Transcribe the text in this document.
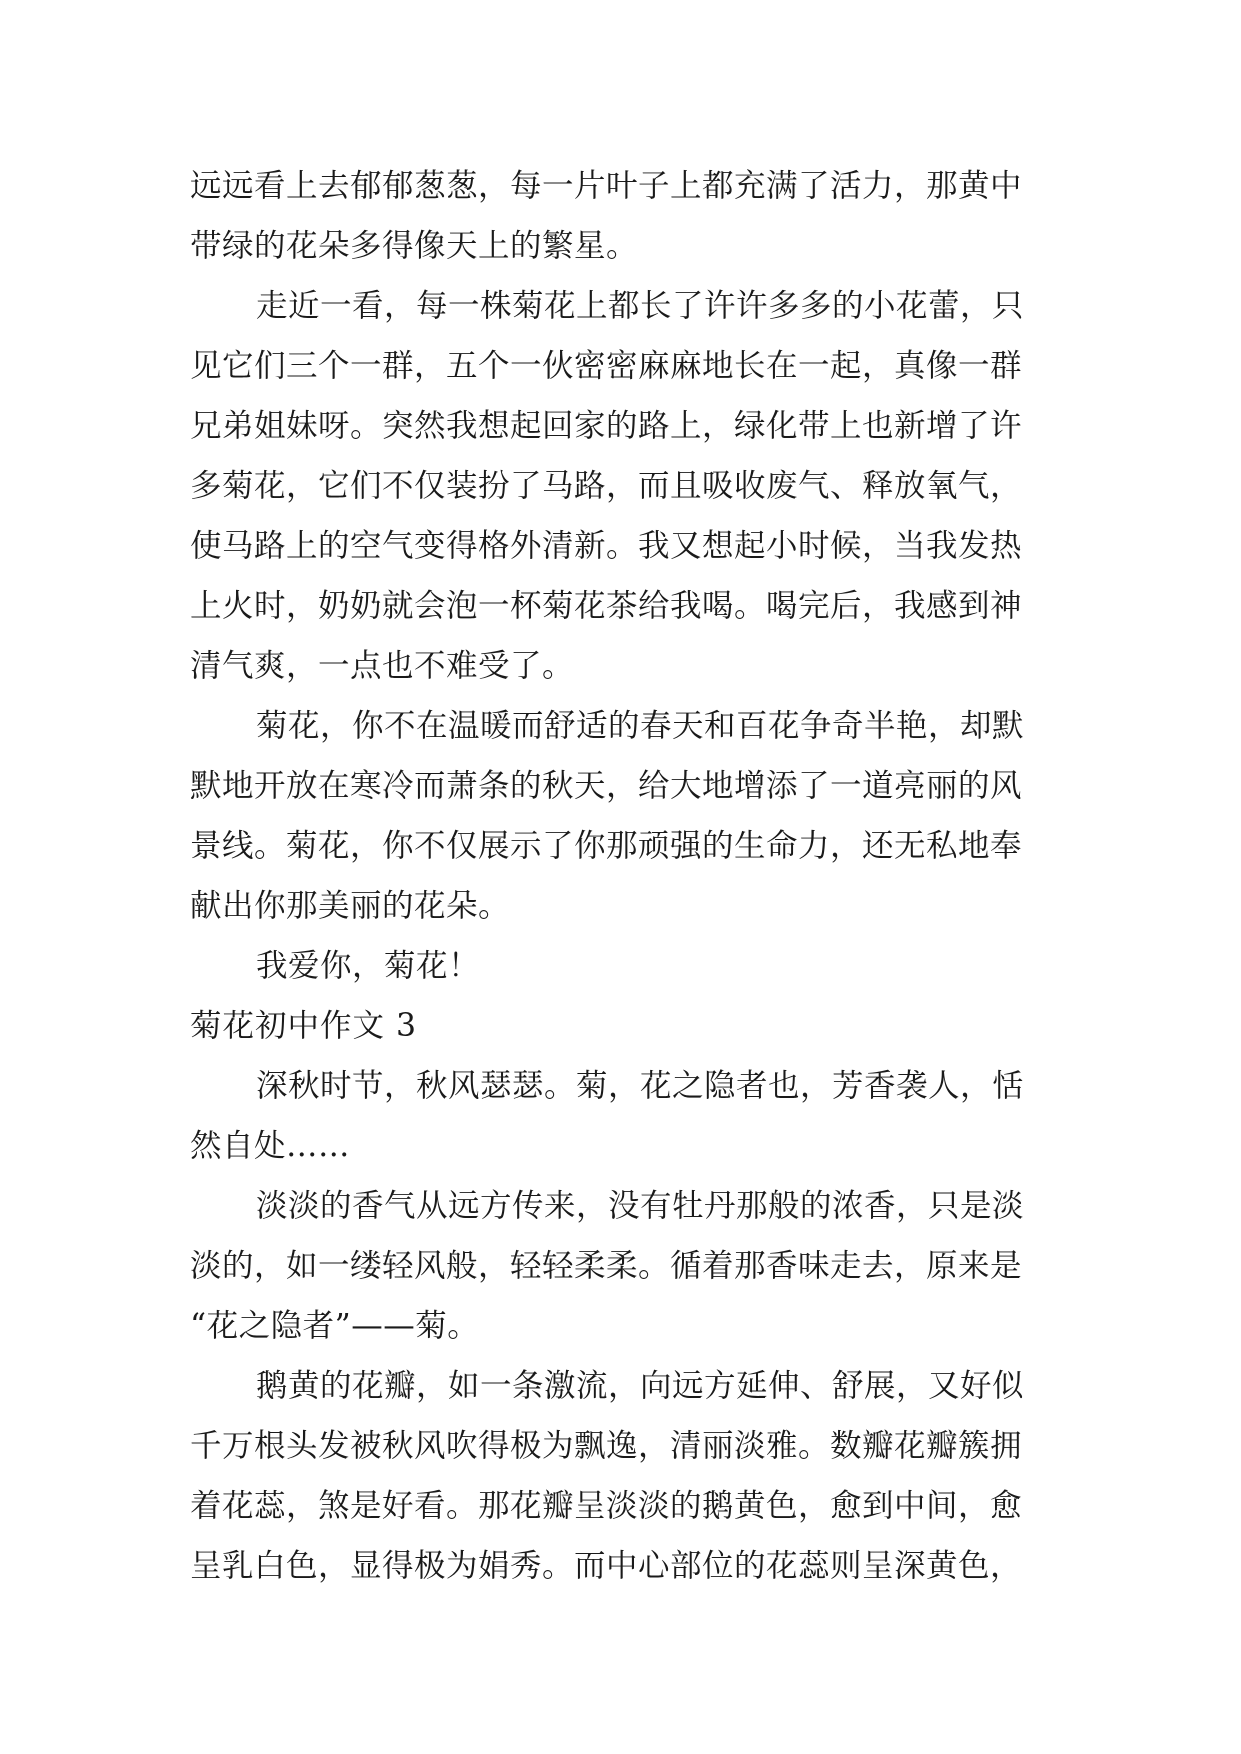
远远看上去郁郁葱葱，每一片叶子上都充满了活力，那黄中
带绿的花朵多得像天上的繁星。
走近一看，每一株菊花上都长了许许多多的小花蕾，只
见它们三个一群，五个一伙密密麻麻地长在一起，真像一群
兄弟姐妹呀。突然我想起回家的路上，绿化带上也新增了许
多菊花，它们不仅装扮了马路，而且吸收废气、释放氧气，
使马路上的空气变得格外清新。我又想起小时候，当我发热
上火时，奶奶就会泡一杯菊花茶给我喝。喝完后，我感到神
清气爽，一点也不难受了。
菊花，你不在温暖而舒适的春天和百花争奇半艳，却默
默地开放在寒冷而萧条的秋天，给大地增添了一道亮丽的风
景线。菊花，你不仅展示了你那顽强的生命力，还无私地奉
献出你那美丽的花朵。
我爱你，菊花！
菊花初中作文 3
深秋时节，秋风瑟瑟。菊，花之隐者也，芳香袭人，恬
然自处……
淡淡的香气从远方传来，没有牡丹那般的浓香，只是淡
淡的，如一缕轻风般，轻轻柔柔。循着那香味走去，原来是
“花之隐者”——菊。
鹅黄的花瓣，如一条激流，向远方延伸、舒展，又好似
千万根头发被秋风吹得极为飘逸，清丽淡雅。数瓣花瓣簇拥
着花蕊，煞是好看。那花瓣呈淡淡的鹅黄色，愈到中间，愈
呈乳白色，显得极为娟秀。而中心部位的花蕊则呈深黄色，
